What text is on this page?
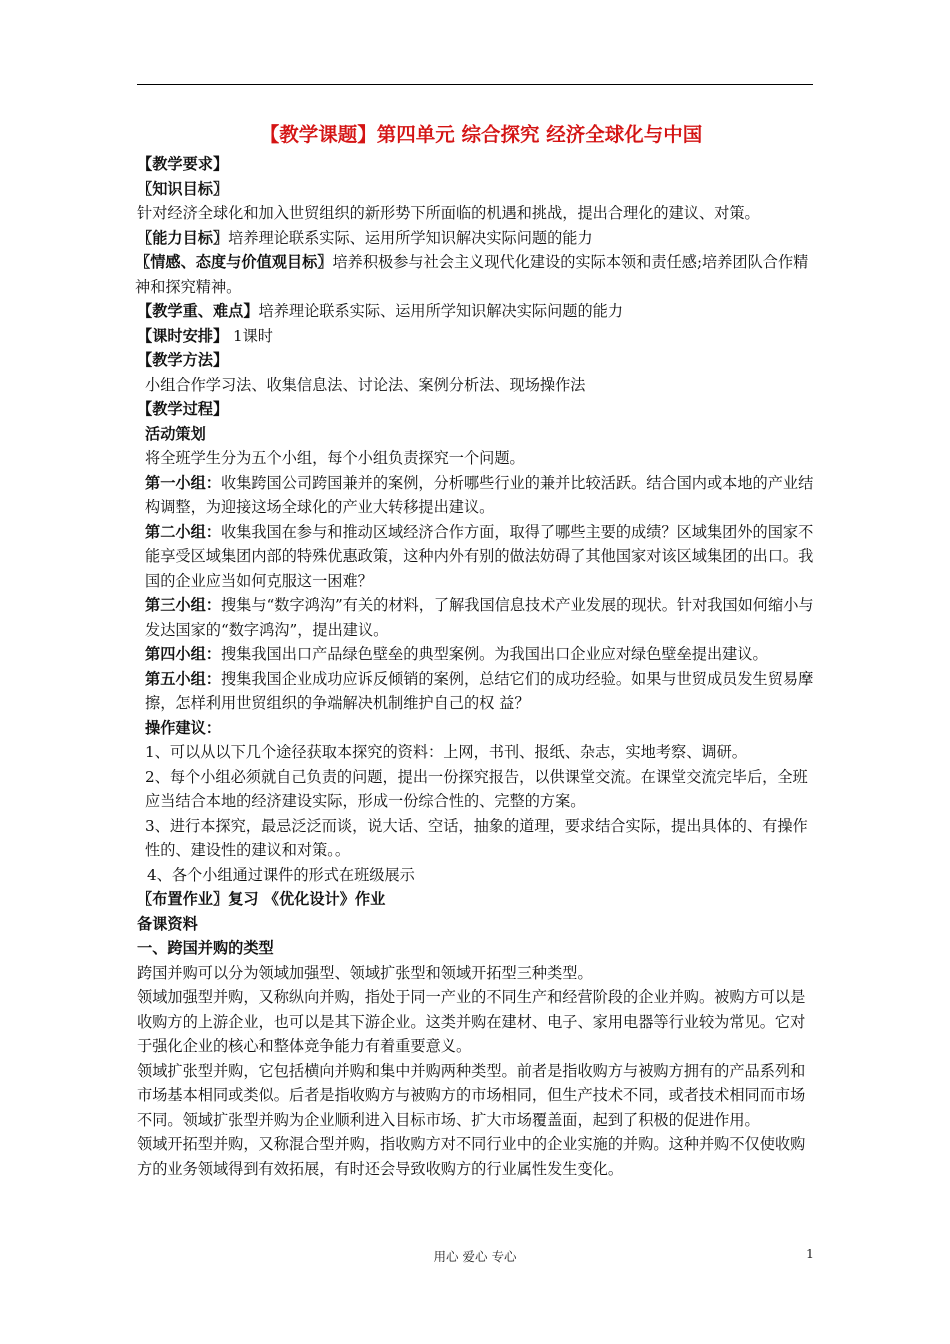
【教学课题】第四单元 综合探究 经济全球化与中国
【教学要求】
〖知识目标〗
针对经济全球化和加入世贸组织的新形势下所面临的机遇和挑战，提出合理化的建议、对策。
〖能力目标〗培养理论联系实际、运用所学知识解决实际问题的能力
〖情感、态度与价值观目标〗培养积极参与社会主义现代化建设的实际本领和责任感;培养团队合作精神和探究精神。
【教学重、难点】培养理论联系实际、运用所学知识解决实际问题的能力
【课时安排】 1课时
【教学方法】
小组合作学习法、收集信息法、讨论法、案例分析法、现场操作法
【教学过程】
活动策划
将全班学生分为五个小组，每个小组负责探究一个问题。
第一小组：收集跨国公司跨国兼并的案例，分析哪些行业的兼并比较活跃。结合国内或本地的产业结构调整，为迎接这场全球化的产业大转移提出建议。
第二小组：收集我国在参与和推动区域经济合作方面，取得了哪些主要的成绩？区域集团外的国家不能享受区域集团内部的特殊优惠政策，这种内外有别的做法妨碍了其他国家对该区域集团的出口。我国的企业应当如何克服这一困难？
第三小组：搜集与“数字鸿沟”有关的材料，了解我国信息技术产业发展的现状。针对我国如何缩小与发达国家的“数字鸿沟”，提出建议。
第四小组：搜集我国出口产品绿色壁垒的典型案例。为我国出口企业应对绿色壁垒提出建议。
第五小组：搜集我国企业成功应诉反倾销的案例，总结它们的成功经验。如果与世贸成员发生贸易摩擦，怎样利用世贸组织的争端解决机制维护自己的权 益？
操作建议：
1、可以从以下几个途径获取本探究的资料：上网，书刊、报纸、杂志，实地考察、调研。
2、每个小组必须就自己负责的问题，提出一份探究报告，以供课堂交流。在课堂交流完毕后，全班应当结合本地的经济建设实际，形成一份综合性的、完整的方案。
3、进行本探究，最忌泛泛而谈，说大话、空话，抽象的道理，要求结合实际，提出具体的、有操作性的、建设性的建议和对策。。
4、各个小组通过课件的形式在班级展示
〖布置作业〗复习 《优化设计》作业
备课资料
一、跨国并购的类型
跨国并购可以分为领域加强型、领域扩张型和领域开拓型三种类型。
领域加强型并购，又称纵向并购，指处于同一产业的不同生产和经营阶段的企业并购。被购方可以是收购方的上游企业，也可以是其下游企业。这类并购在建材、电子、家用电器等行业较为常见。它对于强化企业的核心和整体竞争能力有着重要意义。
领域扩张型并购，它包括横向并购和集中并购两种类型。前者是指收购方与被购方拥有的产品系列和市场基本相同或类似。后者是指收购方与被购方的市场相同，但生产技术不同，或者技术相同而市场不同。领域扩张型并购为企业顺利进入目标市场、扩大市场覆盖面，起到了积极的促进作用。
领域开拓型并购，又称混合型并购，指收购方对不同行业中的企业实施的并购。这种并购不仅使收购方的业务领域得到有效拓展，有时还会导致收购方的行业属性发生变化。
用心 爱心 专心	1
